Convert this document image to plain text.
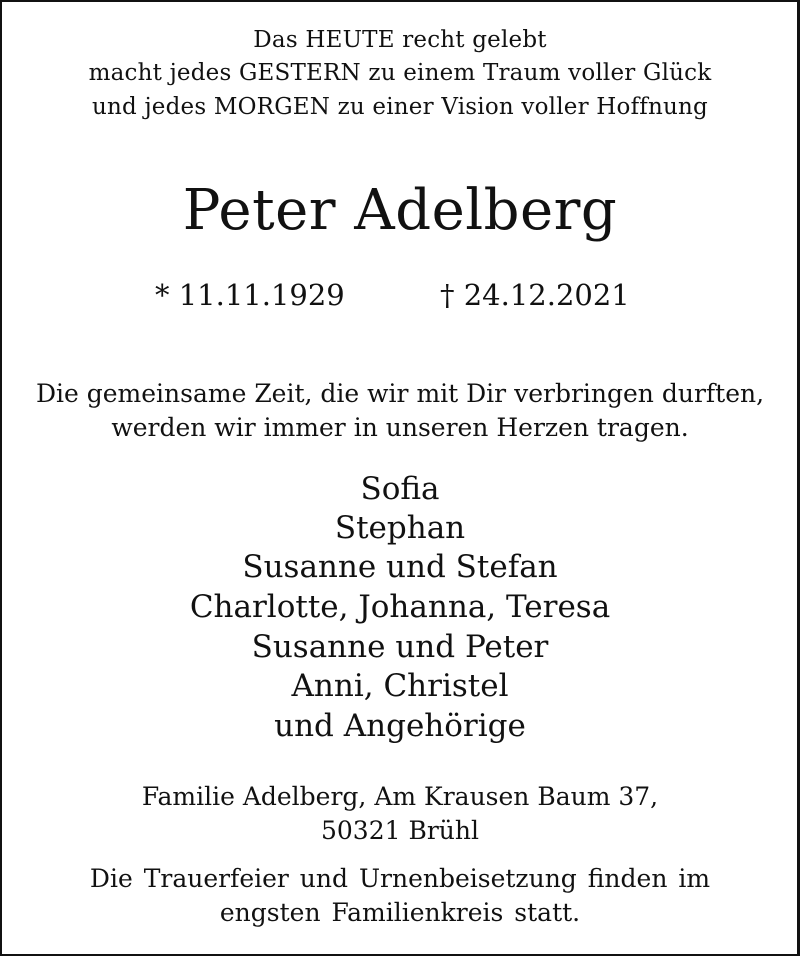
Das HEUTE recht gelebt
macht jedes GESTERN zu einem Traum voller Glück
und jedes MORGEN zu einer Vision voller Hoffnung
Peter Adelberg
* 11.11.1929	† 24.12.2021
Die gemeinsame Zeit, die wir mit Dir verbringen durften,
werden wir immer in unseren Herzen tragen.
Sofia
Stephan
Susanne und Stefan
Charlotte, Johanna, Teresa
Susanne und Peter
Anni, Christel
und Angehörige
Familie Adelberg, Am Krausen Baum 37,
50321 Brühl
Die Trauerfeier und Urnenbeisetzung finden im
engsten Familienkreis statt.
